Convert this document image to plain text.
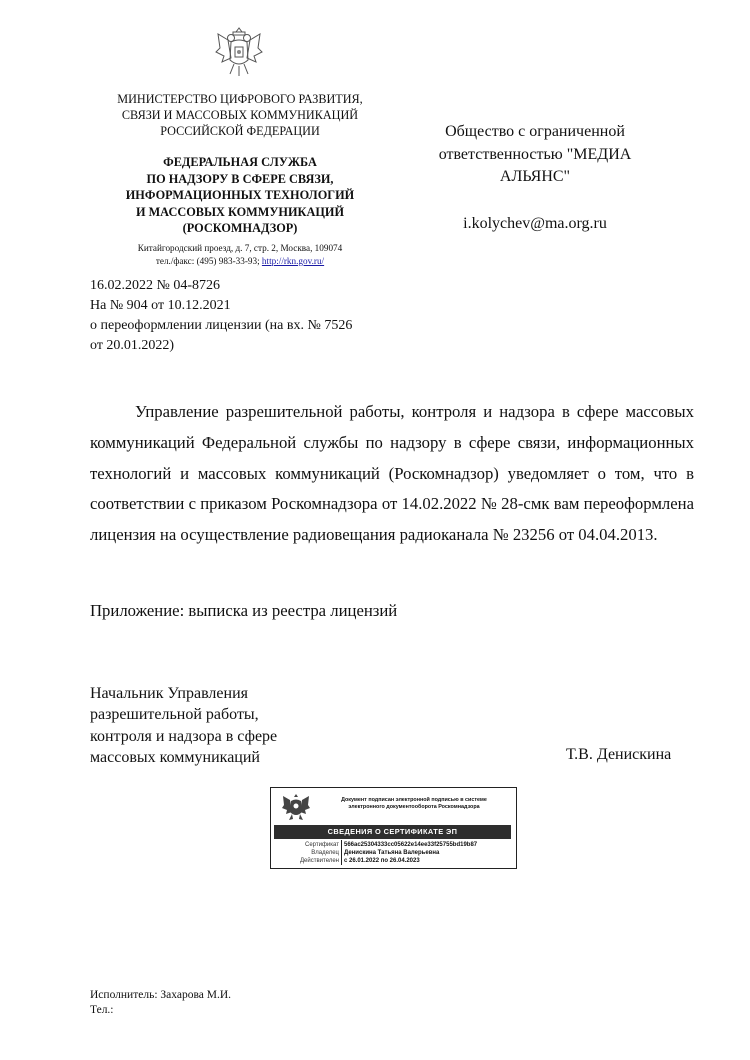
МИНИСТЕРСТВО ЦИФРОВОГО РАЗВИТИЯ,
СВЯЗИ И МАССОВЫХ КОММУНИКАЦИЙ
РОССИЙСКОЙ ФЕДЕРАЦИИ
ФЕДЕРАЛЬНАЯ СЛУЖБА
ПО НАДЗОРУ В СФЕРЕ СВЯЗИ,
ИНФОРМАЦИОННЫХ ТЕХНОЛОГИЙ
И МАССОВЫХ КОММУНИКАЦИЙ
(РОСКОМНАДЗОР)
Китайгородский проезд, д. 7, стр. 2, Москва, 109074
тел./факс: (495) 983-33-93; http://rkn.gov.ru/
16.02.2022 № 04-8726
На № 904 от 10.12.2021
о переоформлении лицензии (на вх. № 7526
от 20.01.2022)
Общество с ограниченной
ответственностью "МЕДИА
АЛЬЯНС"
i.kolychev@ma.org.ru
Управление разрешительной работы, контроля и надзора в сфере массовых коммуникаций Федеральной службы по надзору в сфере связи, информационных технологий и массовых коммуникаций (Роскомнадзор) уведомляет о том, что в соответствии с приказом Роскомнадзора от 14.02.2022 № 28-смк вам переоформлена лицензия на осуществление радиовещания радиоканала № 23256 от 04.04.2013.
Приложение: выписка из реестра лицензий
Начальник Управления
разрешительной работы,
контроля и надзора в сфере
массовых коммуникаций	Т.В. Денискина
Документ подписан электронной подписью в системе
электронного документооборота Роскомнадзора
СВЕДЕНИЯ О СЕРТИФИКАТЕ ЭП
Сертификат 566ac25304333cc05622e14ee33f25755bd19b87
Владелец Денискина Татьяна Валерьевна
Действителен с 26.01.2022 по 26.04.2023
Исполнитель: Захарова М.И.
Тел.:
